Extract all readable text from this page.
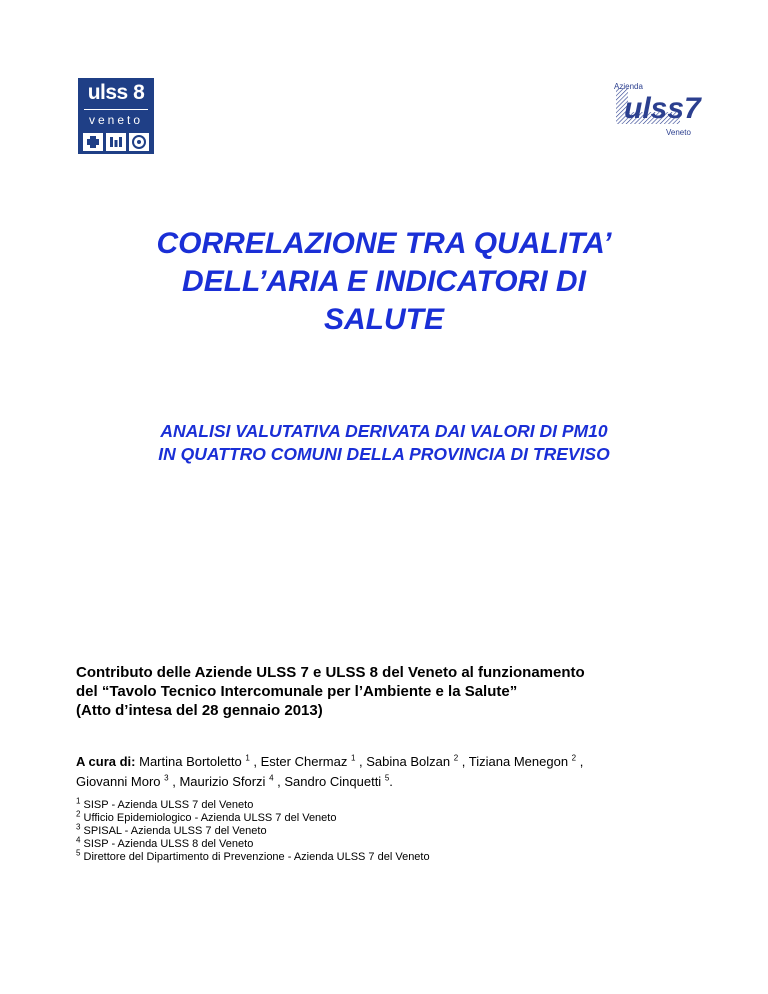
ulss 8
veneto	ulss7
Azienda
Veneto
CORRELAZIONE TRA QUALITA’
DELL’ARIA E INDICATORI DI
SALUTE
ANALISI VALUTATIVA DERIVATA DAI VALORI DI PM10
IN QUATTRO COMUNI DELLA PROVINCIA DI TREVISO
Contributo delle Aziende ULSS 7 e ULSS 8 del Veneto al funzionamento
del “Tavolo Tecnico Intercomunale per l’Ambiente e la Salute”
(Atto d’intesa del 28 gennaio 2013)
A cura di: Martina Bortoletto $^1$ , Ester Chermaz $^1$ , Sabina Bolzan $^2$ , Tiziana Menegon $^2$ ,
Giovanni Moro $^3$ , Maurizio Sforzi $^4$ , Sandro Cinquetti $^5$.
$^1$ SISP - Azienda ULSS 7 del Veneto
$^2$ Ufficio Epidemiologico - Azienda ULSS 7 del Veneto
$^3$ SPISAL - Azienda ULSS 7 del Veneto
$^4$ SISP - Azienda ULSS 8 del Veneto
$^5$ Direttore del Dipartimento di Prevenzione - Azienda ULSS 7 del Veneto
